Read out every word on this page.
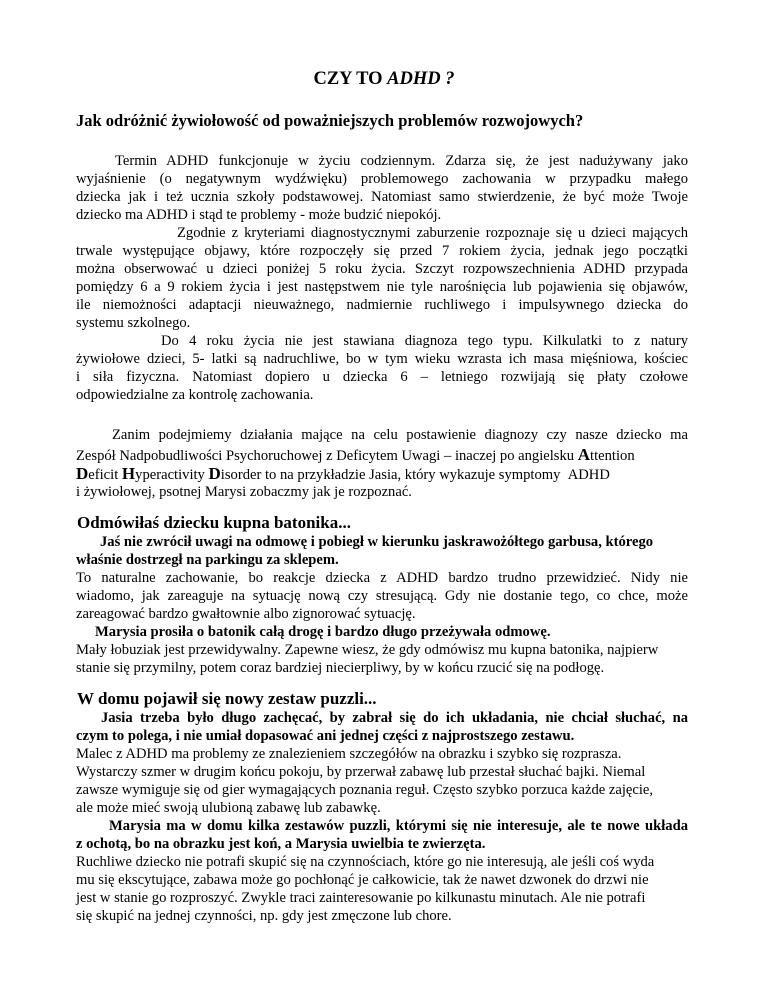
CZY TO ADHD ?
Jak odróżnić żywiołowość od poważniejszych problemów rozwojowych?
Termin ADHD funkcjonuje w życiu codziennym. Zdarza się, że jest nadużywany jako
wyjaśnienie (o negatywnym wydźwięku) problemowego zachowania w przypadku małego
dziecka jak i też ucznia szkoły podstawowej. Natomiast samo stwierdzenie, że być może Twoje
dziecko ma ADHD i stąd te problemy - może budzić niepokój.
Zgodnie z kryteriami diagnostycznymi zaburzenie rozpoznaje się u dzieci mających
trwale występujące objawy, które rozpoczęły się przed 7 rokiem życia, jednak jego początki
można obserwować u dzieci poniżej 5 roku życia. Szczyt rozpowszechnienia ADHD przypada
pomiędzy 6 a 9 rokiem życia i jest następstwem nie tyle narośnięcia lub pojawienia się objawów,
ile niemożności adaptacji nieuważnego, nadmiernie ruchliwego i impulsywnego dziecka do
systemu szkolnego.
Do 4 roku życia nie jest stawiana diagnoza tego typu. Kilkulatki to z natury
żywiołowe dzieci, 5- latki są nadruchliwe, bo w tym wieku wzrasta ich masa mięśniowa, kościec
i siła fizyczna. Natomiast dopiero u dziecka 6 – letniego rozwijają się płaty czołowe
odpowiedzialne za kontrolę zachowania.
Zanim podejmiemy działania mające na celu postawienie diagnozy czy nasze dziecko ma
Zespół Nadpobudliwości Psychoruchowej z Deficytem Uwagi – inaczej po angielsku Attention
Deficit Hyperactivity Disorder to na przykładzie Jasia, który wykazuje symptomy ADHD
i żywiołowej, psotnej Marysi zobaczmy jak je rozpoznać.
Odmówiłaś dziecku kupna batonika...
Jaś nie zwrócił uwagi na odmowę i pobiegł w kierunku jaskrawożółtego garbusa, którego
właśnie dostrzegł na parkingu za sklepem.
To naturalne zachowanie, bo reakcje dziecka z ADHD bardzo trudno przewidzieć. Nidy nie
wiadomo, jak zareaguje na sytuację nową czy stresującą. Gdy nie dostanie tego, co chce, może
zareagować bardzo gwałtownie albo zignorować sytuację.
Marysia prosiła o batonik całą drogę i bardzo długo przeżywała odmowę.
Mały łobuziak jest przewidywalny. Zapewne wiesz, że gdy odmówisz mu kupna batonika, najpierw
stanie się przymilny, potem coraz bardziej niecierpliwy, by w końcu rzucić się na podłogę.
W domu pojawił się nowy zestaw puzzli...
Jasia trzeba było długo zachęcać, by zabrał się do ich układania, nie chciał słuchać, na
czym to polega, i nie umiał dopasować ani jednej części z najprostszego zestawu.
Malec z ADHD ma problemy ze znalezieniem szczegółów na obrazku i szybko się rozprasza.
Wystarczy szmer w drugim końcu pokoju, by przerwał zabawę lub przestał słuchać bajki. Niemal
zawsze wymiguje się od gier wymagających poznania reguł. Często szybko porzuca każde zajęcie,
ale może mieć swoją ulubioną zabawę lub zabawkę.
Marysia ma w domu kilka zestawów puzzli, którymi się nie interesuje, ale te nowe układa
z ochotą, bo na obrazku jest koń, a Marysia uwielbia te zwierzęta.
Ruchliwe dziecko nie potrafi skupić się na czynnościach, które go nie interesują, ale jeśli coś wyda
mu się ekscytujące, zabawa może go pochłonąć je całkowicie, tak że nawet dzwonek do drzwi nie
jest w stanie go rozproszyć. Zwykle traci zainteresowanie po kilkunastu minutach. Ale nie potrafi
się skupić na jednej czynności, np. gdy jest zmęczone lub chore.
